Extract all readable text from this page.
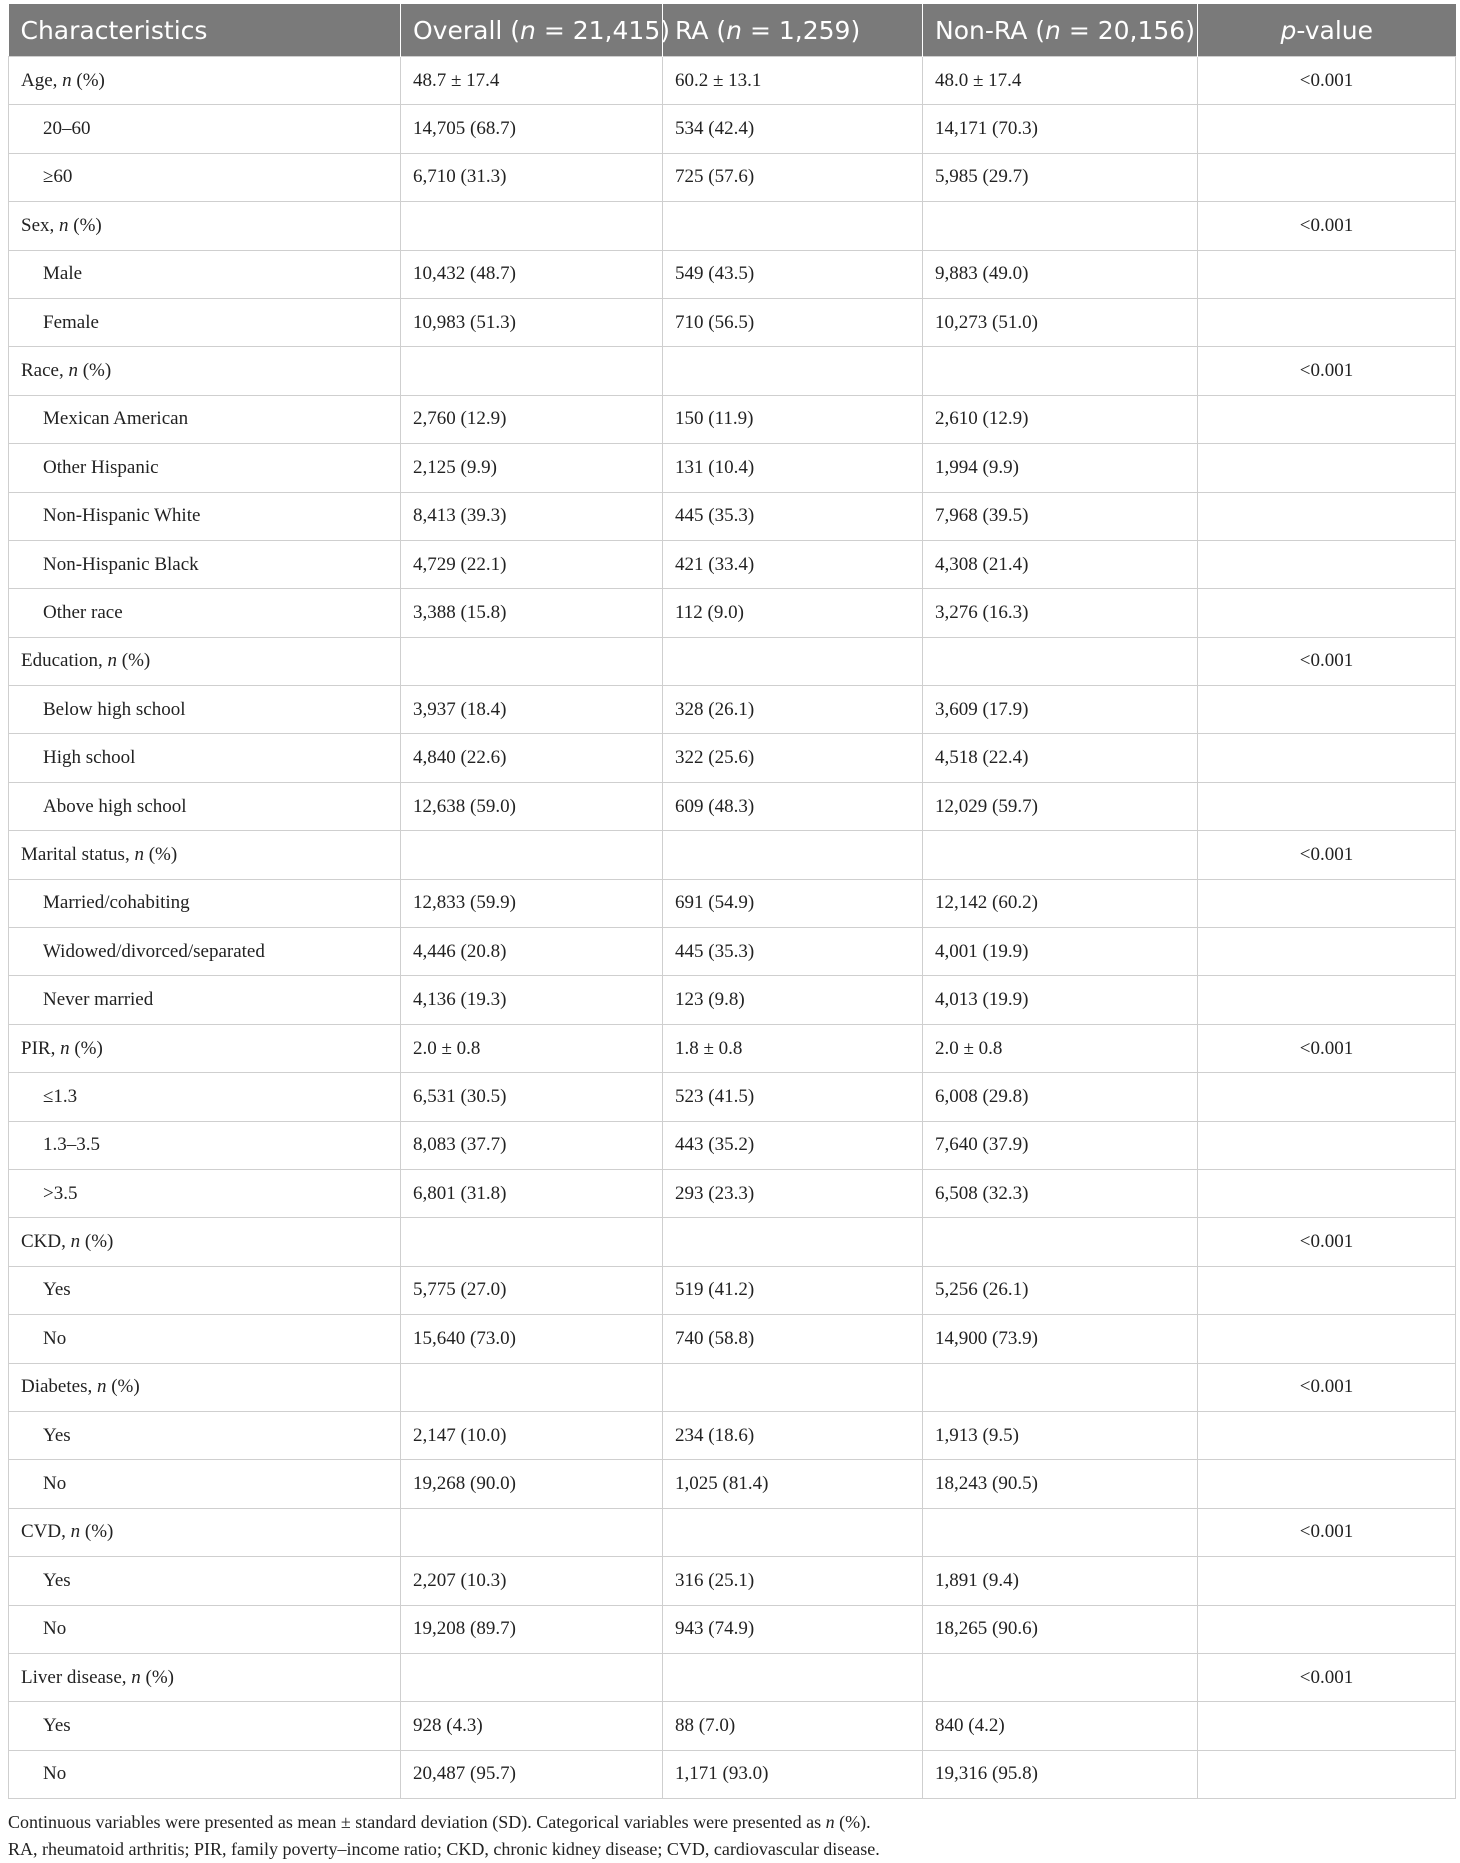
Characteristics	Overall (n = 21,415)	RA (n = 1,259)	Non-RA (n = 20,156)	p-value
Age, n (%)	48.7 ± 17.4	60.2 ± 13.1	48.0 ± 17.4	<0.001
20–60	14,705 (68.7)	534 (42.4)	14,171 (70.3)	
≥60	6,710 (31.3)	725 (57.6)	5,985 (29.7)	
Sex, n (%)				<0.001
Male	10,432 (48.7)	549 (43.5)	9,883 (49.0)	
Female	10,983 (51.3)	710 (56.5)	10,273 (51.0)	
Race, n (%)				<0.001
Mexican American	2,760 (12.9)	150 (11.9)	2,610 (12.9)	
Other Hispanic	2,125 (9.9)	131 (10.4)	1,994 (9.9)	
Non-Hispanic White	8,413 (39.3)	445 (35.3)	7,968 (39.5)	
Non-Hispanic Black	4,729 (22.1)	421 (33.4)	4,308 (21.4)	
Other race	3,388 (15.8)	112 (9.0)	3,276 (16.3)	
Education, n (%)				<0.001
Below high school	3,937 (18.4)	328 (26.1)	3,609 (17.9)	
High school	4,840 (22.6)	322 (25.6)	4,518 (22.4)	
Above high school	12,638 (59.0)	609 (48.3)	12,029 (59.7)	
Marital status, n (%)				<0.001
Married/cohabiting	12,833 (59.9)	691 (54.9)	12,142 (60.2)	
Widowed/divorced/separated	4,446 (20.8)	445 (35.3)	4,001 (19.9)	
Never married	4,136 (19.3)	123 (9.8)	4,013 (19.9)	
PIR, n (%)	2.0 ± 0.8	1.8 ± 0.8	2.0 ± 0.8	<0.001
≤1.3	6,531 (30.5)	523 (41.5)	6,008 (29.8)	
1.3–3.5	8,083 (37.7)	443 (35.2)	7,640 (37.9)	
>3.5	6,801 (31.8)	293 (23.3)	6,508 (32.3)	
CKD, n (%)				<0.001
Yes	5,775 (27.0)	519 (41.2)	5,256 (26.1)	
No	15,640 (73.0)	740 (58.8)	14,900 (73.9)	
Diabetes, n (%)				<0.001
Yes	2,147 (10.0)	234 (18.6)	1,913 (9.5)	
No	19,268 (90.0)	1,025 (81.4)	18,243 (90.5)	
CVD, n (%)				<0.001
Yes	2,207 (10.3)	316 (25.1)	1,891 (9.4)	
No	19,208 (89.7)	943 (74.9)	18,265 (90.6)	
Liver disease, n (%)				<0.001
Yes	928 (4.3)	88 (7.0)	840 (4.2)	
No	20,487 (95.7)	1,171 (93.0)	19,316 (95.8)	
Continuous variables were presented as mean ± standard deviation (SD). Categorical variables were presented as n (%).
RA, rheumatoid arthritis; PIR, family poverty–income ratio; CKD, chronic kidney disease; CVD, cardiovascular disease.
